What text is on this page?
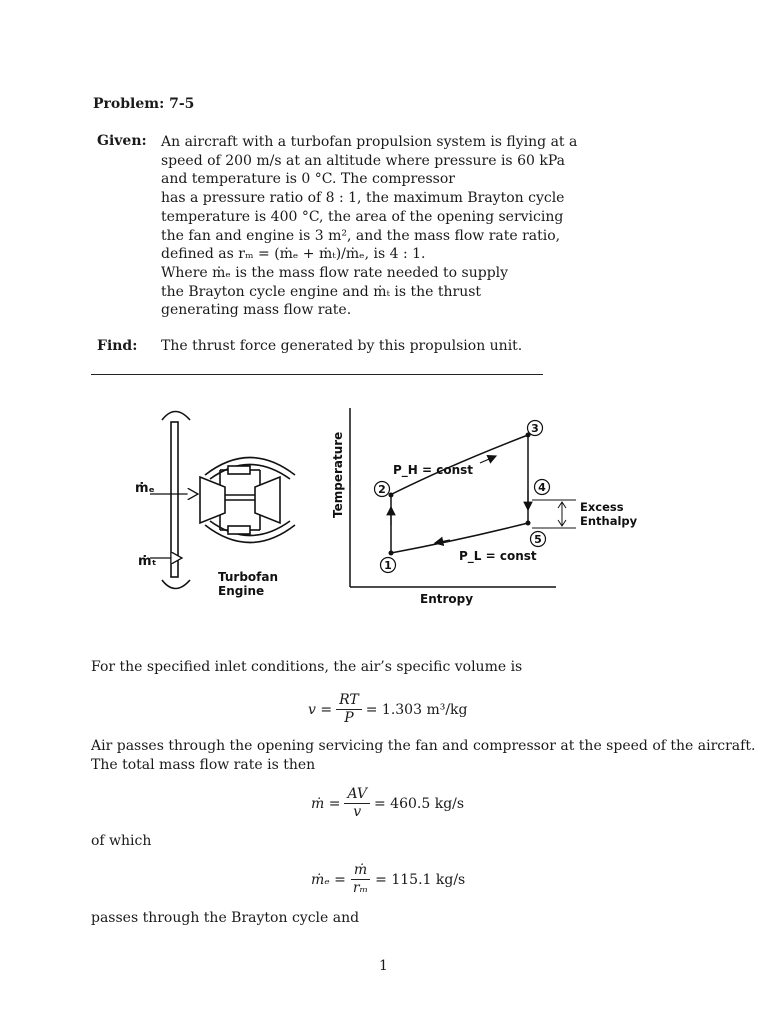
Problem: 7-5
Given: An aircraft with a turbofan propulsion system is flying at a
speed of 200 m/s at an altitude where pressure is 60 kPa
and temperature is 0 °C. The compressor
has a pressure ratio of 8 : 1, the maximum Brayton cycle
temperature is 400 °C, the area of the opening servicing
the fan and engine is 3 m², and the mass flow rate ratio,
defined as rₘ = (ṁₑ + ṁₜ)/ṁₑ, is 4 : 1.
Where ṁₑ is the mass flow rate needed to supply
the Brayton cycle engine and ṁₜ is the thrust
generating mass flow rate.
Find: The thrust force generated by this propulsion unit.
ṁₑ
ṁₜ
Turbofan
Engine
2
3
4
5
1
P_H = const
P_L = const
Excess
Enthalpy
Entropy
Temperature
For the specified inlet conditions, the air’s specific volume is
$v = \frac{RT}{P} = 1.303$ m³/kg
Air passes through the opening servicing the fan and compressor at the speed of the aircraft.
The total mass flow rate is then
ṁ = $\frac{AV}{v} = 460.5$ kg/s
of which
ṁₑ = $\frac{\text{ṁ}}{\text{rₘ}} = 115.1$ kg/s
passes through the Brayton cycle and
1
